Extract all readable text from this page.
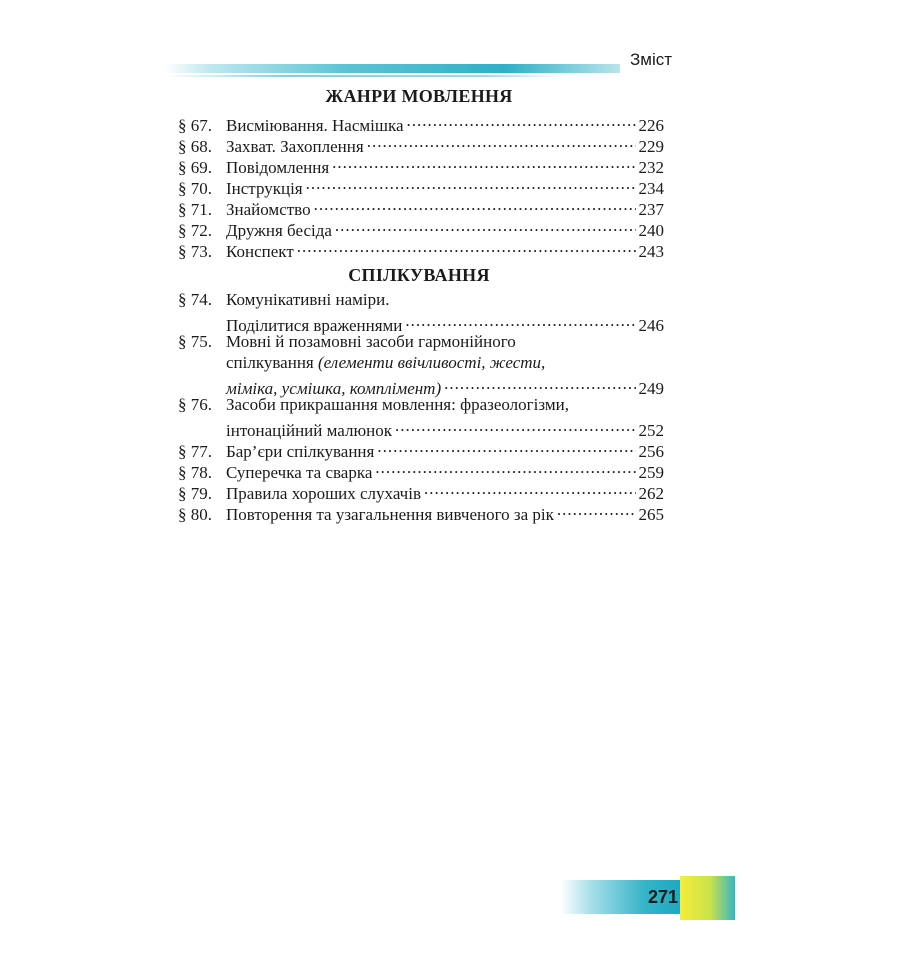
Зміст
ЖАНРИ МОВЛЕННЯ
§ 67. Висміювання. Насмішка .....	226
§ 68. Захват. Захоплення .....	229
§ 69. Повідомлення .....	232
§ 70. Інструкція .....	234
§ 71. Знайомство .....	237
§ 72. Дружня бесіда .....	240
§ 73. Конспект .....	243
СПІЛКУВАННЯ
§ 74. Комунікативні наміри.
Поділитися враженнями .....	246
§ 75. Мовні й позамовні засоби гармонійного
спілкування
(елементи ввічливості, жести,
міміка, усмішка, комплімент) .....	249
§ 76. Засоби прикрашання мовлення: фразеологізми,
інтонаційний малюнок .....	252
§ 77. Бар’єри спілкування .....	256
§ 78. Суперечка та сварка .....	259
§ 79. Правила хороших слухачів .....	262
§ 80. Повторення та узагальнення вивченого за рік .....	265
271
